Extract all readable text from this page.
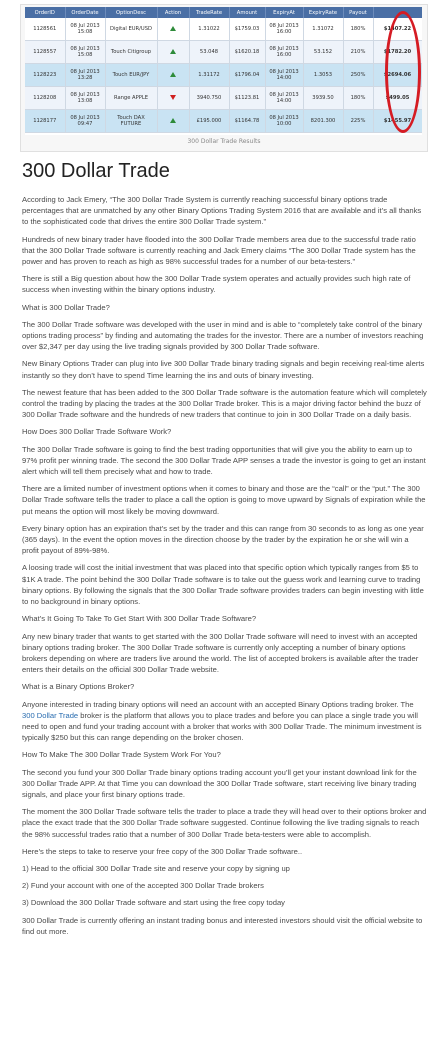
OrderID	OrderDate	OptionDesc	Action	TradeRate	Amount	ExpiryAt	ExpiryRate	Payout	
1128561	08 Jul 2013 15:08	Digital EUR/USD		1.31022	$1759.03	08 Jul 2013 16:00	1.31072	180%	$1407.22
1128557	08 Jul 2013 15:08	Touch Citigroup		53.048	$1620.18	08 Jul 2013 16:00	53.152	210%	$1782.20
1128223	08 Jul 2013 13:28	Touch EUR/JPY		1.31172	$1796.04	08 Jul 2013 14:00	1.3053	250%	$2694.06
1128208	08 Jul 2013 13:08	Range APPLE		3940.750	$1123.81	08 Jul 2013 14:00	3939.50	180%	$499.05
1128177	08 Jul 2013 09:47	Touch DAX FUTURE		£195.000	$1164.78	08 Jul 2013 10:00	8201.300	225%	$1455.97
300 Dollar Trade Results
300 Dollar Trade

According to Jack Emery, “The 300 Dollar Trade System is currently reaching successful binary options trade percentages that are unmatched by any other Binary Options Trading System 2016 that are available and it’s all thanks to the sophisticated code that drives the entire 300 Dollar Trade system.”

Hundreds of new binary trader have flooded into the 300 Dollar Trade members area due to the successful trade ratio that the 300 Dollar Trade software is currently reaching and Jack Emery claims “The 300 Dollar Trade system has the power and has proven to reach as high as 98% successful trades for a number of our beta-testers.”

There is still a Big question about how the 300 Dollar Trade system operates and actually provides such high rate of success when investing within the binary options industry.

What is 300 Dollar Trade?

The 300 Dollar Trade software was developed with the user in mind and is able to “completely take control of the binary options trading process” by finding and automating the trades for the investor. There are a number of investors reaching over $2,347 per day using the live trading signals provided by 300 Dollar Trade software.

New Binary Options Trader can plug into live 300 Dollar Trade binary trading signals and begin receiving real-time alerts instantly so they don’t have to spend Time learning the ins and outs of binary investing.

The newest feature that has been added to the 300 Dollar Trade software is the automation feature which will completely control the trading by placing the trades at the 300 Dollar Trade broker. This is a major driving factor behind the buzz of 300 Dollar Trade software and the hundreds of new traders that continue to join in 300 Dollar Trade on a daily basis.

How Does 300 Dollar Trade Software Work?

The 300 Dollar Trade software is going to find the best trading opportunities that will give you the ability to earn up to 97% profit per winning trade. The second the 300 Dollar Trade APP senses a trade the investor is going to get an instant alert which will tell them precisely what and how to trade.

There are a limited number of investment options when it comes to binary and those are the “call” or the “put.” The 300 Dollar Trade software tells the trader to place a call the option is going to move upward by Signals of expiration while the put means the option will most likely be moving downward.

Every binary option has an expiration that’s set by the trader and this can range from 30 seconds to as long as one year (365 days). In the event the option moves in the direction choose by the trader by the expiration he or she will win a profit payout of 89%-98%.

A loosing trade will cost the initial investment that was placed into that specific option which typically ranges from $5 to $1K A trade. The point behind the 300 Dollar Trade software is to take out the guess work and learning curve to trading binary options. By following the signals that the 300 Dollar Trade software provides traders can begin investing with little to no background in binary options.

What’s It Going To Take To Get Start With 300 Dollar Trade Software?

Any new binary trader that wants to get started with the 300 Dollar Trade software will need to invest with an accepted binary options trading broker. The 300 Dollar Trade software is currently only accepting a number of binary options brokers depending on where are traders live around the world. The list of accepted brokers is available after the trader enters their details on the official 300 Dollar Trade website.

What is a Binary Options Broker?

Anyone interested in trading binary options will need an account with an accepted Binary Options trading broker. The 300 Dollar Trade broker is the platform that allows you to place trades and before you can place a single trade you will need to open and fund your trading account with a broker that works with 300 Dollar Trade. The minimum investment is typically $250 but this can range depending on the broker chosen.

How To Make The 300 Dollar Trade System Work For You?

The second you fund your 300 Dollar Trade binary options trading account you’ll get your instant download link for the 300 Dollar Trade APP. At that Time you can download the 300 Dollar Trade software, start receiving live binary trading signals, and place your first binary options trade.

The moment the 300 Dollar Trade software tells the trader to place a trade they will head over to their options broker and place the exact trade that the 300 Dollar Trade software suggested. Continue following the live trading signals to reach the 98% successful trades ratio that a number of 300 Dollar Trade beta-testers were able to accomplish.

Here’s the steps to take to reserve your free copy of the 300 Dollar Trade software..

1) Head to the official 300 Dollar Trade site and reserve your copy by signing up

2) Fund your account with one of the accepted 300 Dollar Trade brokers

3) Download the 300 Dollar Trade software and start using the free copy today

300 Dollar Trade is currently offering an instant trading bonus and interested investors should visit the official website to find out more.
